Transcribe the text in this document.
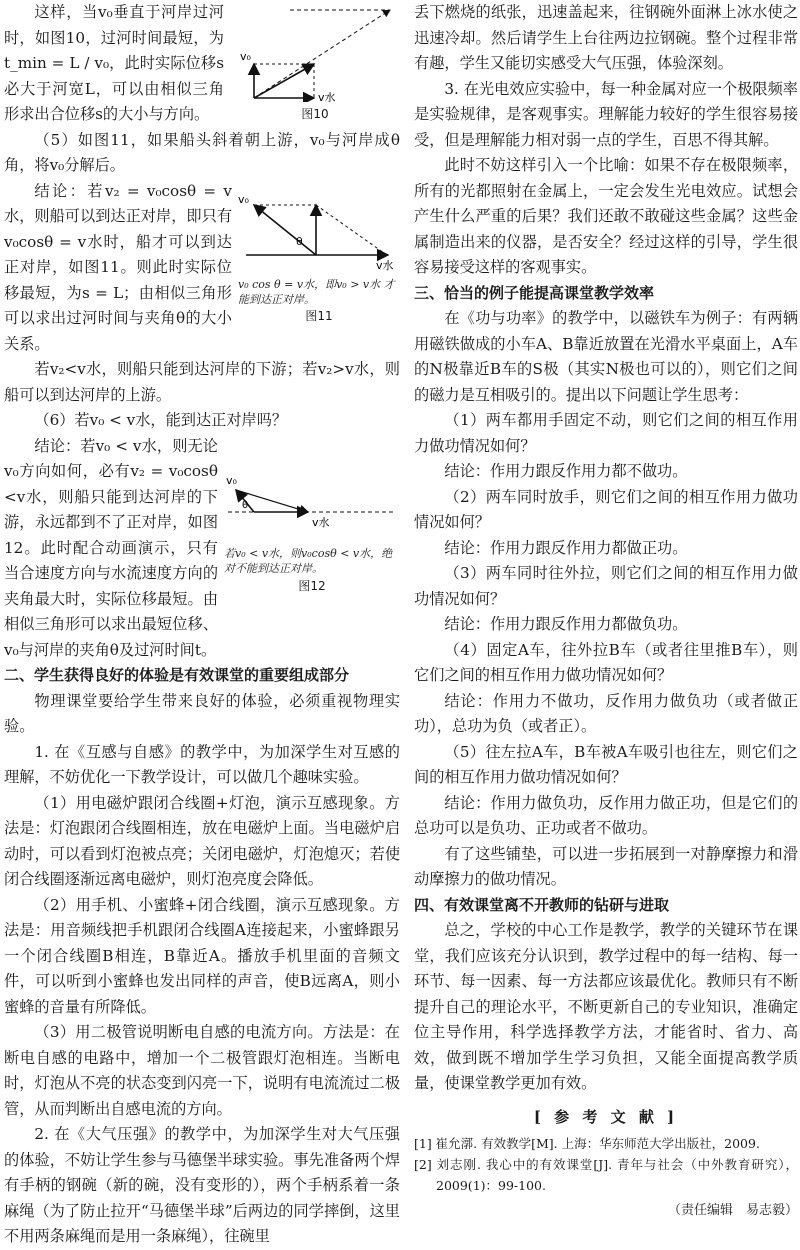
v₀
v水
图10

这样，当v₀垂直于河岸过河时，如图10，过河时间最短，为 t_min = L / v₀，此时实际位移s必大于河宽L，可以由相似三角形求出合位移s的大小与方向。

（5）如图11，如果船头斜着朝上游，v₀与河岸成θ角，将v₀分解后。

v₀
θ
v水
v₀ cos θ = v水，即v₀ > v水 才能到达正对岸。
图11

结论：若v₂ = v₀cosθ = v水，则船可以到达正对岸，即只有v₀cosθ = v水时，船才可以到达正对岸，如图11。则此时实际位移最短，为s = L；由相似三角形可以求出过河时间与夹角θ的大小关系。

若v₂<v水，则船只能到达河岸的下游；若v₂>v水，则船可以到达河岸的上游。

（6）若v₀ < v水，能到达正对岸吗？

v₀
θ
v水
若v₀ < v水，则v₀cosθ < v水，绝对不能到达正对岸。
图12

结论：若v₀ < v水，则无论v₀方向如何，必有v₂ = v₀cosθ <v水，则船只能到达河岸的下游，永远都到不了正对岸，如图12。此时配合动画演示，只有当合速度方向与水流速度方向的夹角最大时，实际位移最短。由相似三角形可以求出最短位移、v₀与河岸的夹角θ及过河时间t。

二、学生获得良好的体验是有效课堂的重要组成部分

物理课堂要给学生带来良好的体验，必须重视物理实验。

1. 在《互感与自感》的教学中，为加深学生对互感的理解，不妨优化一下教学设计，可以做几个趣味实验。

（1）用电磁炉跟闭合线圈+灯泡，演示互感现象。方法是：灯泡跟闭合线圈相连，放在电磁炉上面。当电磁炉启动时，可以看到灯泡被点亮；关闭电磁炉，灯泡熄灭；若使闭合线圈逐渐远离电磁炉，则灯泡亮度会降低。

（2）用手机、小蜜蜂+闭合线圈，演示互感现象。方法是：用音频线把手机跟闭合线圈A连接起来，小蜜蜂跟另一个闭合线圈B相连，B靠近A。播放手机里面的音频文件，可以听到小蜜蜂也发出同样的声音，使B远离A，则小蜜蜂的音量有所降低。

（3）用二极管说明断电自感的电流方向。方法是：在断电自感的电路中，增加一个二极管跟灯泡相连。当断电时，灯泡从不亮的状态变到闪亮一下，说明有电流流过二极管，从而判断出自感电流的方向。

2. 在《大气压强》的教学中，为加深学生对大气压强的体验，不妨让学生参与马德堡半球实验。事先准备两个焊有手柄的钢碗（新的碗，没有变形的），两个手柄系着一条麻绳（为了防止拉开“马德堡半球”后两边的同学摔倒，这里不用两条麻绳而是用一条麻绳），往碗里

丢下燃烧的纸张，迅速盖起来，往钢碗外面淋上冰水使之迅速冷却。然后请学生上台往两边拉钢碗。整个过程非常有趣，学生又能切实感受大气压强，体验深刻。

3. 在光电效应实验中，每一种金属对应一个极限频率是实验规律，是客观事实。理解能力较好的学生很容易接受，但是理解能力相对弱一点的学生，百思不得其解。

此时不妨这样引入一个比喻：如果不存在极限频率，所有的光都照射在金属上，一定会发生光电效应。试想会产生什么严重的后果？我们还敢不敢碰这些金属？这些金属制造出来的仪器，是否安全？经过这样的引导，学生很容易接受这样的客观事实。

三、恰当的例子能提高课堂教学效率

在《功与功率》的教学中，以磁铁车为例子：有两辆用磁铁做成的小车A、B靠近放置在光滑水平桌面上，A车的N极靠近B车的S极（其实N极也可以的），则它们之间的磁力是互相吸引的。提出以下问题让学生思考：

（1）两车都用手固定不动，则它们之间的相互作用力做功情况如何？

结论：作用力跟反作用力都不做功。

（2）两车同时放手，则它们之间的相互作用力做功情况如何？

结论：作用力跟反作用力都做正功。

（3）两车同时往外拉，则它们之间的相互作用力做功情况如何？

结论：作用力跟反作用力都做负功。

（4）固定A车，往外拉B车（或者往里推B车），则它们之间的相互作用力做功情况如何？

结论：作用力不做功，反作用力做负功（或者做正功），总功为负（或者正）。

（5）往左拉A车，B车被A车吸引也往左，则它们之间的相互作用力做功情况如何？

结论：作用力做负功，反作用力做正功，但是它们的总功可以是负功、正功或者不做功。

有了这些铺垫，可以进一步拓展到一对静摩擦力和滑动摩擦力的做功情况。

四、有效课堂离不开教师的钻研与进取

总之，学校的中心工作是教学，教学的关键环节在课堂，我们应该充分认识到，教学过程中的每一结构、每一环节、每一因素、每一方法都应该最优化。教师只有不断提升自己的理论水平，不断更新自己的专业知识，准确定位主导作用，科学选择教学方法，才能省时、省力、高效，做到既不增加学生学习负担，又能全面提高教学质量，使课堂教学更加有效。

[ 参 考 文 献 ]

[1] 崔允漷. 有效教学[M]. 上海：华东师范大学出版社，2009.

[2] 刘志刚. 我心中的有效课堂[J]. 青年与社会（中外教育研究），2009(1)：99-100.

（责任编辑　易志毅）
